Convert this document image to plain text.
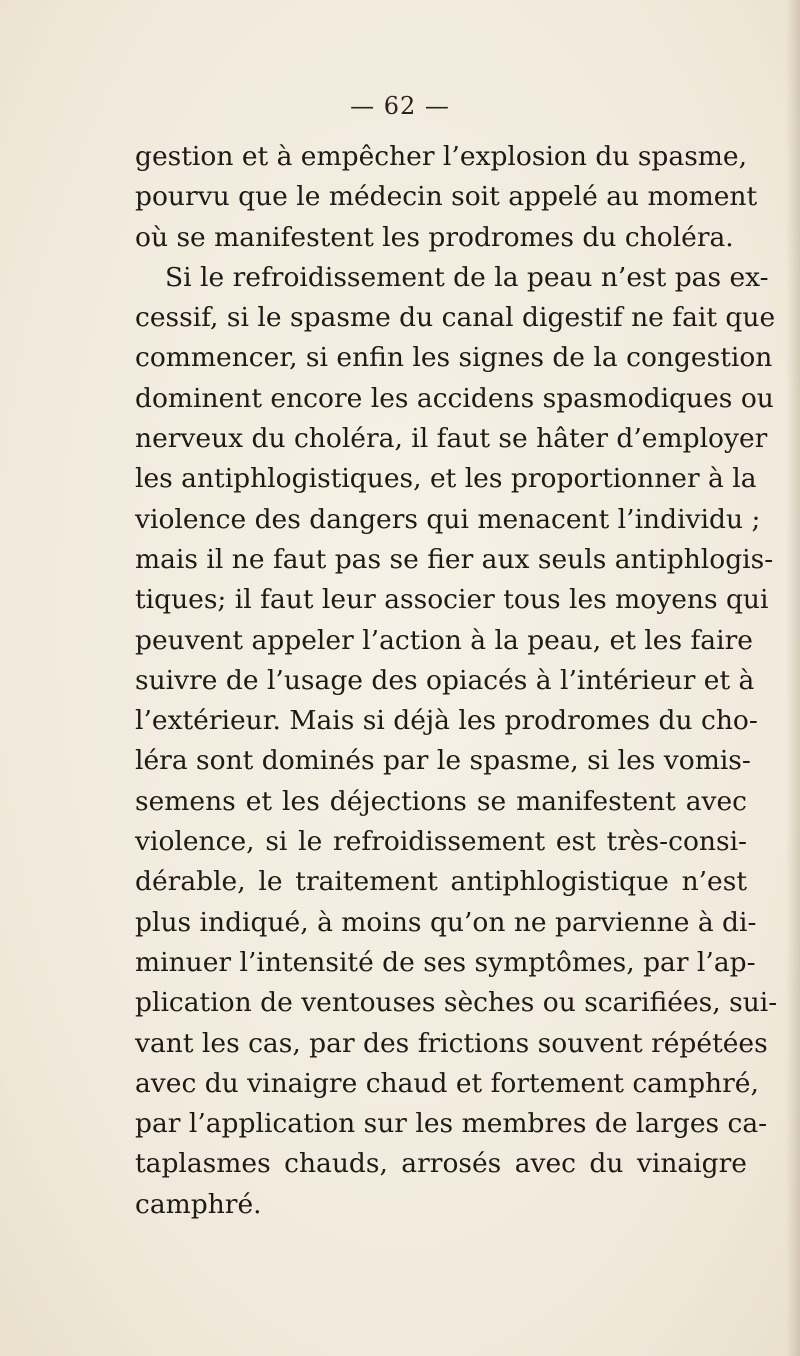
— 62 —
gestion et à empêcher l’explosion du spasme,
pourvu que le médecin soit appelé au moment
où se manifestent les prodromes du choléra.
Si le refroidissement de la peau n’est pas ex-
cessif, si le spasme du canal digestif ne fait que
commencer, si enfin les signes de la congestion
dominent encore les accidens spasmodiques ou
nerveux du choléra, il faut se hâter d’employer
les antiphlogistiques, et les proportionner à la
violence des dangers qui menacent l’individu ;
mais il ne faut pas se fier aux seuls antiphlogis-
tiques; il faut leur associer tous les moyens qui
peuvent appeler l’action à la peau, et les faire
suivre de l’usage des opiacés à l’intérieur et à
l’extérieur. Mais si déjà les prodromes du cho-
léra sont dominés par le spasme, si les vomis-
semens et les déjections se manifestent avec
violence, si le refroidissement est très-consi-
dérable, le traitement antiphlogistique n’est
plus indiqué, à moins qu’on ne parvienne à di-
minuer l’intensité de ses symptômes, par l’ap-
plication de ventouses sèches ou scarifiées, sui-
vant les cas, par des frictions souvent répétées
avec du vinaigre chaud et fortement camphré,
par l’application sur les membres de larges ca-
taplasmes chauds, arrosés avec du vinaigre
camphré.
